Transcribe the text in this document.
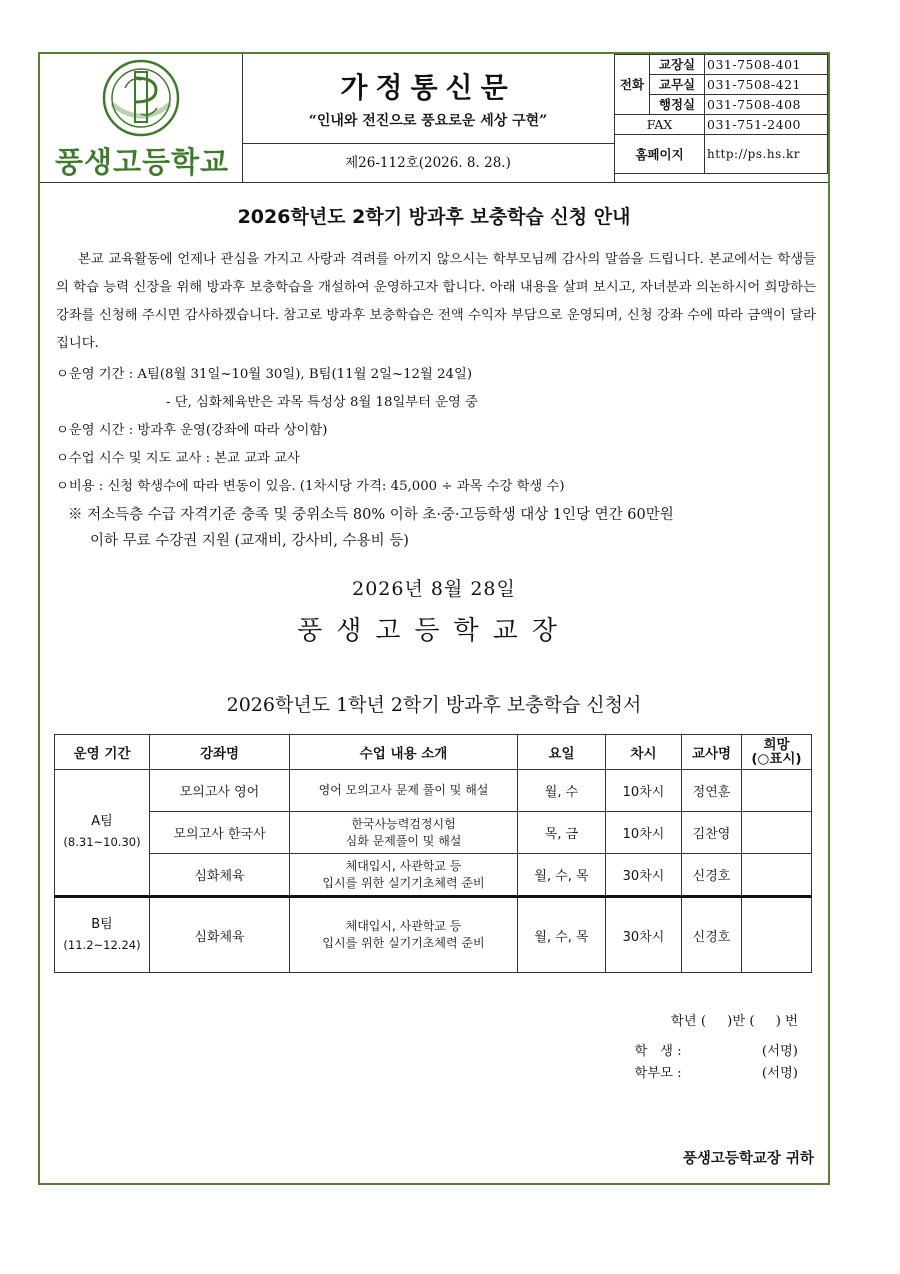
풍생고등학교
가정통신문
“인내와 전진으로 풍요로운 세상 구현”
제26-112호(2026. 8. 28.)
전화	교장실	031-7508-401
	교무실	031-7508-421
	행정실	031-7508-408
FAX		031-751-2400
홈페이지		http://ps.hs.kr
2026학년도 2학기 방과후 보충학습 신청 안내
본교 교육활동에 언제나 관심을 가지고 사랑과 격려를 아끼지 않으시는 학부모님께 감사의 말씀을 드립니다. 본교에서는 학생들의 학습 능력 신장을 위해 방과후 보충학습을 개설하여 운영하고자 합니다. 아래 내용을 살펴 보시고, 자녀분과 의논하시어 희망하는 강좌를 신청해 주시면 감사하겠습니다. 참고로 방과후 보충학습은 전액 수익자 부담으로 운영되며, 신청 강좌 수에 따라 금액이 달라집니다.
ㅇ운영 기간 : A팀(8월 31일~10월 30일), B팀(11월 2일~12월 24일)
- 단, 심화체육반은 과목 특성상 8월 18일부터 운영 중
ㅇ운영 시간 : 방과후 운영(강좌에 따라 상이함)
ㅇ수업 시수 및 지도 교사 : 본교 교과 교사
ㅇ비용 : 신청 학생수에 따라 변동이 있음. (1차시당 가격: 45,000 ÷ 과목 수강 학생 수)
※ 저소득층 수급 자격기준 충족 및 중위소득 80% 이하 초·중·고등학생 대상 1인당 연간 60만원
이하 무료 수강권 지원 (교재비, 강사비, 수용비 등)
2026년 8월 28일
풍생고등학교장
2026학년도 1학년 2학기 방과후 보충학습 신청서
운영 기간	강좌명	수업 내용 소개	요일	차시	교사명	희망
(○표시)
A팀
(8.31~10.30)	모의고사 영어	영어 모의고사 문제 풀이 및 해설	월, 수	10차시	정연훈	
	모의고사 한국사	한국사능력검정시험
심화 문제풀이 및 해설	목, 금	10차시	김찬영	
	심화체육	체대입시, 사관학교 등
입시를 위한 실기기초체력 준비	월, 수, 목	30차시	신경호	
B팀
(11.2~12.24)	심화체육	체대입시, 사관학교 등
입시를 위한 실기기초체력 준비	월, 수, 목	30차시	신경호	
학년 (     )반 (     ) 번
학   생 :                   (서명)
학부모 :                   (서명)
풍생고등학교장 귀하
